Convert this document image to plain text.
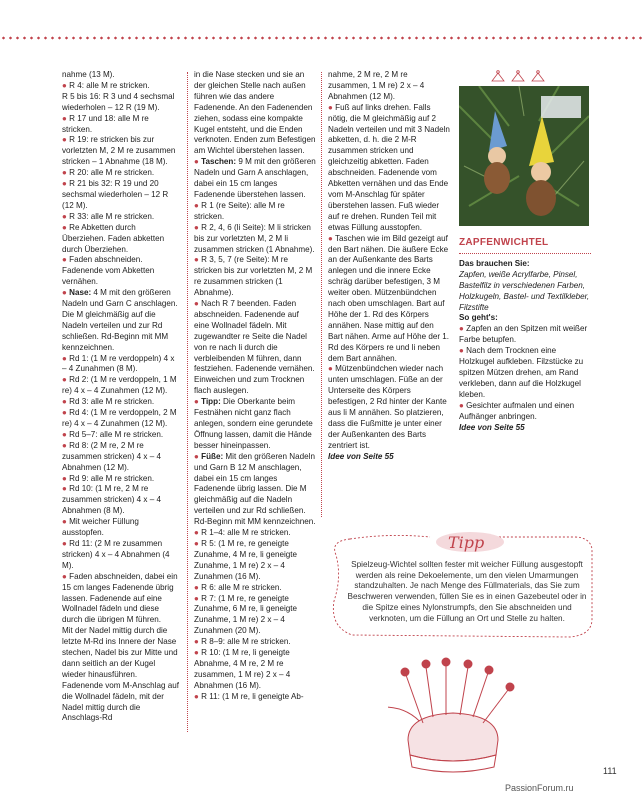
nahme (13 M).

● R 4: alle M re stricken.

R 5 bis 16: R 3 und 4 sechsmal wiederholen – 12 R (19 M).

● R 17 und 18: alle M re stricken.

● R 19: re stricken bis zur vorletzten M, 2 M re zusammen stricken – 1 Abnahme (18 M).

● R 20: alle M re stricken.

● R 21 bis 32: R 19 und 20 sechsmal wiederholen – 12 R (12 M).

● R 33: alle M re stricken.

● Re Abketten durch Überziehen. Faden abketten durch Überziehen.

● Faden abschneiden. Fadenende vom Abketten vernähen.

● Nase: 4 M mit den größeren Nadeln und Garn C anschlagen. Die M gleichmäßig auf die Nadeln verteilen und zur Rd schließen. Rd-Beginn mit MM kennzeichnen.

● Rd 1: (1 M re verdoppeln) 4 x – 4 Zunahmen (8 M).

● Rd 2: (1 M re verdoppeln, 1 M re) 4 x – 4 Zunahmen (12 M).

● Rd 3: alle M re stricken.

● Rd 4: (1 M re verdoppeln, 2 M re) 4 x – 4 Zunahmen (12 M).

● Rd 5–7: alle M re stricken.

● Rd 8: (2 M re, 2 M re zusammen stricken) 4 x – 4 Abnahmen (12 M).

● Rd 9: alle M re stricken.

● Rd 10: (1 M re, 2 M re zusammen stricken) 4 x – 4 Abnahmen (8 M).

● Mit weicher Füllung ausstopfen.

● Rd 11: (2 M re zusammen stricken) 4 x – 4 Abnahmen (4 M).

● Faden abschneiden, dabei ein 15 cm langes Fadenende übrig lassen. Fadenende auf eine Wollnadel fädeln und diese durch die übrigen M führen.

Mit der Nadel mittig durch die letzte M-Rd ins Innere der Nase stechen, Nadel bis zur Mitte und dann seitlich an der Kugel wieder hinausführen. Fadenende vom M-Anschlag auf die Wollnadel fädeln, mit der Nadel mittig durch die Anschlags-Rd

in die Nase stecken und sie an der gleichen Stelle nach außen führen wie das andere Fadenende. An den Fadenenden ziehen, sodass eine kompakte Kugel entsteht, und die Enden verknoten. Enden zum Befestigen am Wichtel überstehen lassen.

● Taschen: 9 M mit den größeren Nadeln und Garn A anschlagen, dabei ein 15 cm langes Fadenende überstehen lassen.

● R 1 (re Seite): alle M re stricken.

● R 2, 4, 6 (li Seite): M li stricken bis zur vorletzten M, 2 M li zusammen stricken (1 Abnahme).

● R 3, 5, 7 (re Seite): M re stricken bis zur vorletzten M, 2 M re zusammen stricken (1 Abnahme).

● Nach R 7 beenden. Faden abschneiden. Fadenende auf eine Wollnadel fädeln. Mit zugewandter re Seite die Nadel von re nach li durch die verbleibenden M führen, dann festziehen. Fadenende vernähen. Einweichen und zum Trocknen flach auslegen.

● Tipp: Die Oberkante beim Festnähen nicht ganz flach anlegen, sondern eine gerundete Öffnung lassen, damit die Hände besser hineinpassen.

● Füße: Mit den größeren Nadeln und Garn B 12 M anschlagen, dabei ein 15 cm langes Fadenende übrig lassen. Die M gleichmäßig auf die Nadeln verteilen und zur Rd schließen. Rd-Beginn mit MM kennzeichnen.

● R 1–4: alle M re stricken.

● R 5: (1 M re, re geneigte Zunahme, 4 M re, li geneigte Zunahme, 1 M re) 2 x – 4 Zunahmen (16 M).

● R 6: alle M re stricken.

● R 7: (1 M re, re geneigte Zunahme, 6 M re, li geneigte Zunahme, 1 M re) 2 x – 4 Zunahmen (20 M).

● R 8–9: alle M re stricken.

● R 10: (1 M re, li geneigte Abnahme, 4 M re, 2 M re zusammen, 1 M re) 2 x – 4 Abnahmen (16 M).

● R 11: (1 M re, li geneigte Ab-

nahme, 2 M re, 2 M re zusammen, 1 M re) 2 x – 4 Abnahmen (12 M).

● Fuß auf links drehen. Falls nötig, die M gleichmäßig auf 2 Nadeln verteilen und mit 3 Nadeln abketten, d. h. die 2 M-R zusammen stricken und gleichzeitig abketten. Faden abschneiden. Fadenende vom Abketten vernähen und das Ende vom M-Anschlag für später überstehen lassen. Fuß wieder auf re drehen. Runden Teil mit etwas Füllung ausstopfen.

● Taschen wie im Bild gezeigt auf den Bart nähen. Die äußere Ecke an der Außenkante des Barts anlegen und die innere Ecke schräg darüber befestigen, 3 M weiter oben. Mützenbündchen nach oben umschlagen. Bart auf Höhe der 1. Rd des Körpers annähen. Nase mittig auf den Bart nähen. Arme auf Höhe der 1. Rd des Körpers re und li neben dem Bart annähen.

● Mützenbündchen wieder nach unten umschlagen. Füße an der Unterseite des Körpers befestigen, 2 Rd hinter der Kante aus li M annähen. So platzieren, dass die Fußmitte je unter einer der Außenkanten des Barts zentriert ist.

Idee von Seite 55

ZAPFENWICHTEL

Das brauchen Sie:

Zapfen, weiße Acrylfarbe, Pinsel, Bastelfilz in verschiedenen Farben, Holzkugeln, Bastel- und Textilkleber, Filzstifte

So geht's:

● Zapfen an den Spitzen mit weißer Farbe betupfen.

● Nach dem Trocknen eine Holzkugel aufkleben. Filzstücke zu spitzen Mützen drehen, am Rand verkleben, dann auf die Holzkugel kleben.

● Gesichter aufmalen und einen Aufhänger anbringen.

Idee von Seite 55

Tipp
Spielzeug-Wichtel sollten fester mit weicher Füllung ausgestopft werden als reine Dekoelemente, um den vielen Umarmungen standzuhalten. Je nach Menge des Füllmaterials, das Sie zum Beschweren verwenden, füllen Sie es in einen Gazebeutel oder in die Spitze eines Nylonstrumpfs, den Sie abschneiden und verknoten, um die Füllung an Ort und Stelle zu halten.
111
PassionForum.ru
